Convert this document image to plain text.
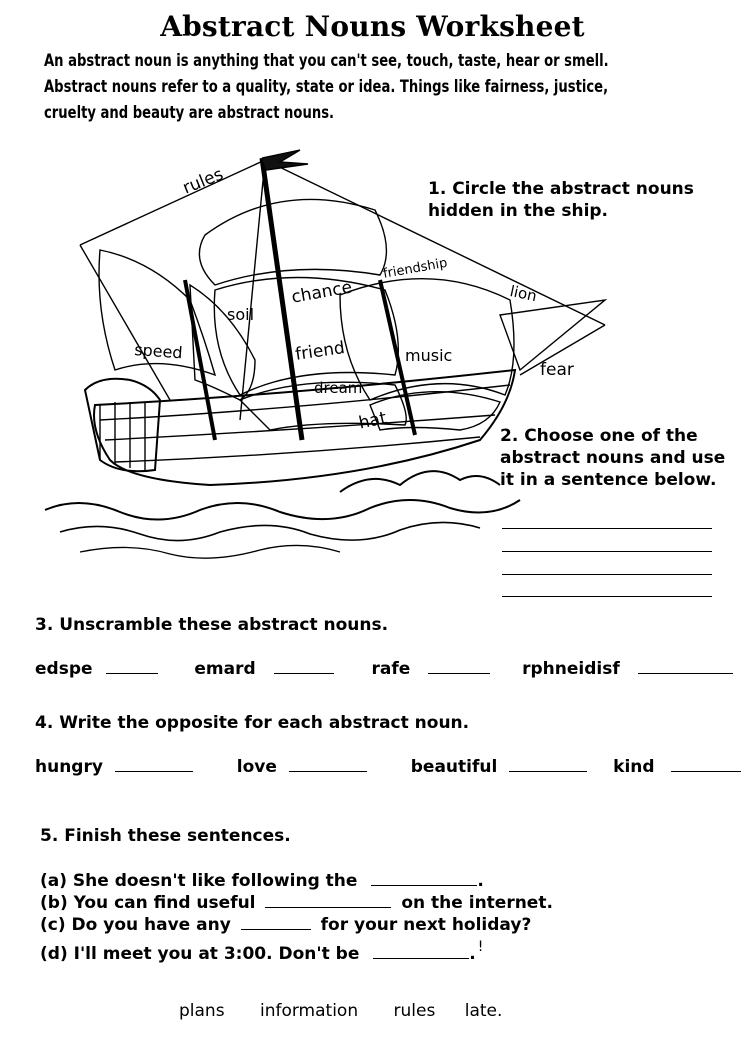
Abstract Nouns Worksheet
An abstract noun is anything that you can't see, touch, taste, hear or smell.
Abstract nouns refer to a quality, state or idea. Things like fairness, justice,
cruelty and beauty are abstract nouns.
rules
soil
chance
friendship
lion
speed	friend	music
fear
dream
hat
1. Circle the abstract nouns
hidden in the ship.
2. Choose one of the
abstract nouns and use
it in a sentence below.
3. Unscramble these abstract nouns.
edspe	emard	rafe	rphneidisf
4. Write the opposite for each abstract noun.
hungry	love	beautiful	kind
5. Finish these sentences.
(a) She doesn't like following the	.
(b) You can find useful	on the internet.
(c) Do you have any	for your next holiday?
(d) I'll meet you at 3:00. Don't be	. !
plans information rules late.
